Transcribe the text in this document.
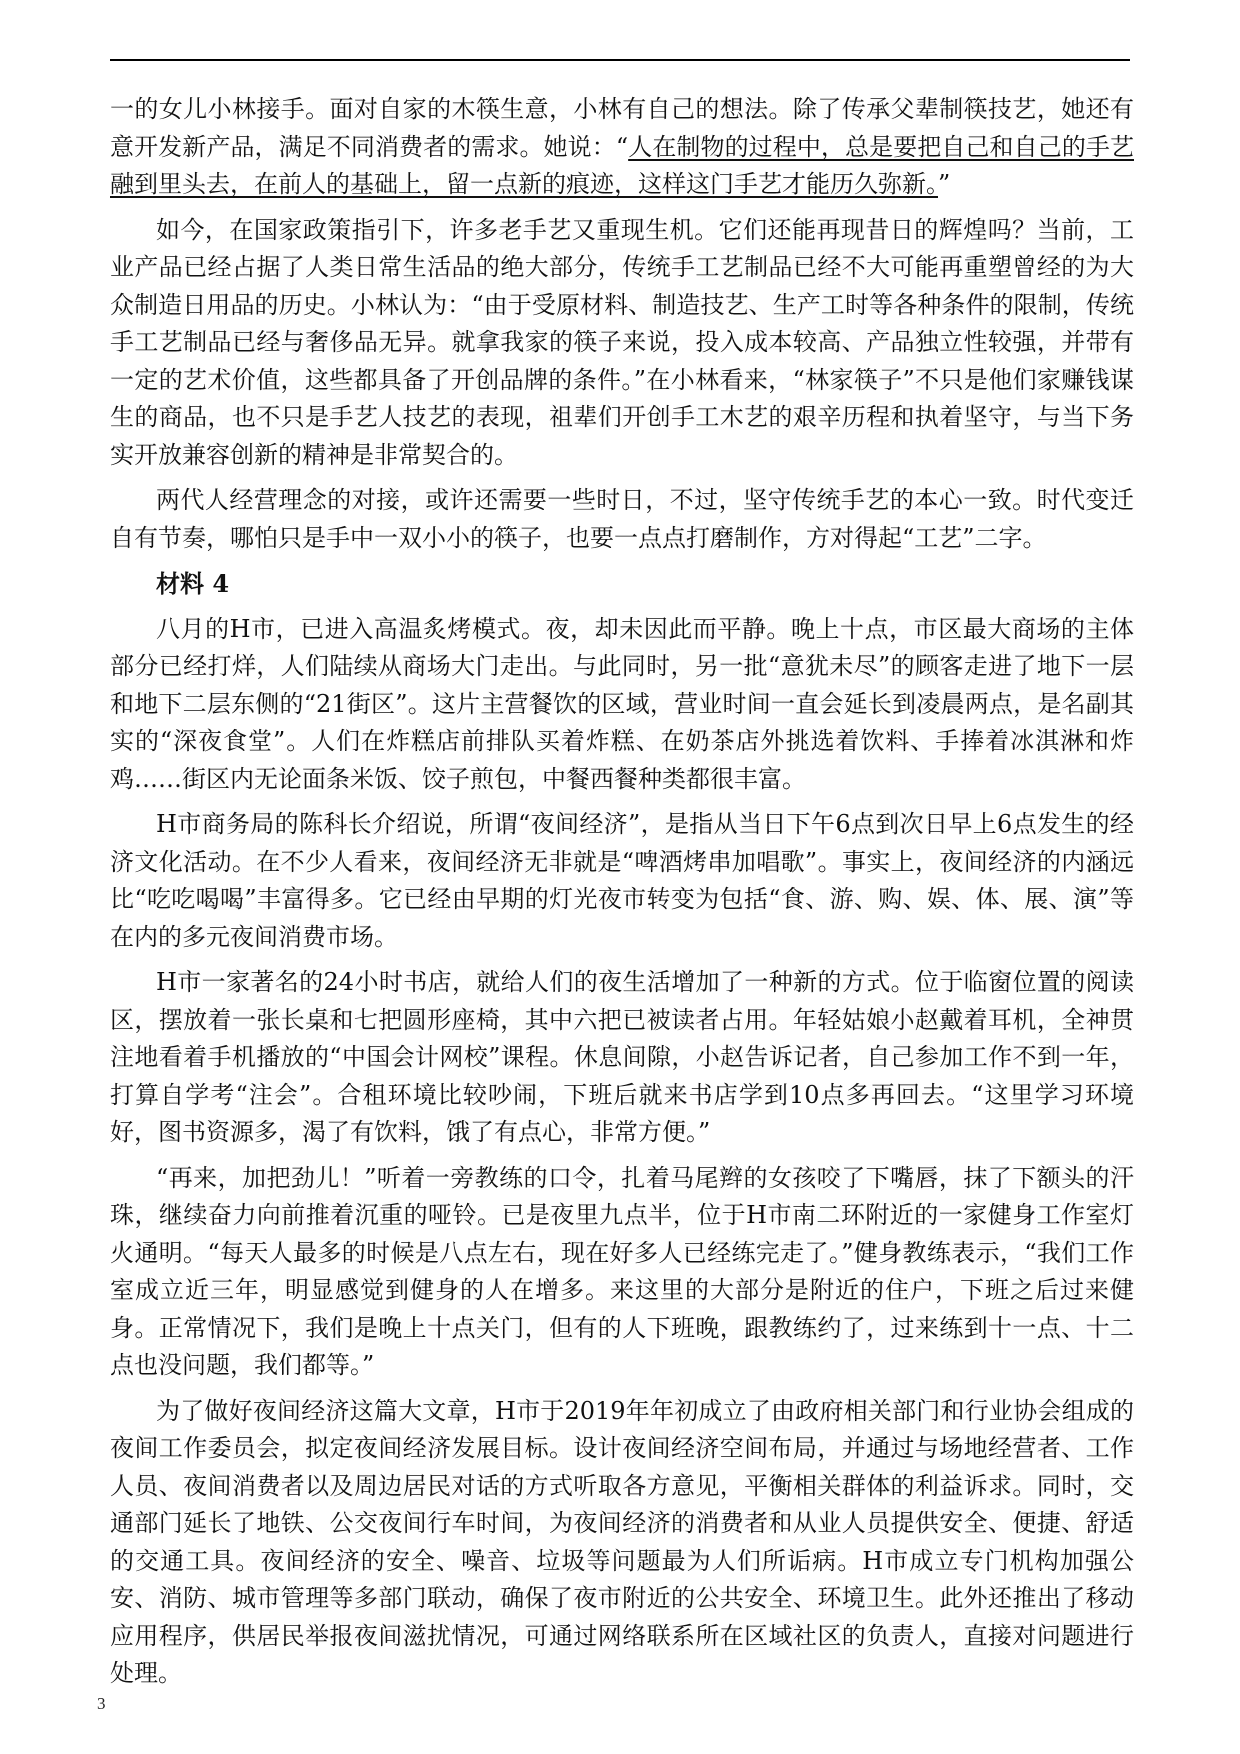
一的女儿小林接手。面对自家的木筷生意，小林有自己的想法。除了传承父辈制筷技艺，她还有意开发新产品，满足不同消费者的需求。她说：“人在制物的过程中，总是要把自己和自己的手艺融到里头去，在前人的基础上，留一点新的痕迹，这样这门手艺才能历久弥新。”

如今，在国家政策指引下，许多老手艺又重现生机。它们还能再现昔日的辉煌吗？当前，工业产品已经占据了人类日常生活品的绝大部分，传统手工艺制品已经不大可能再重塑曾经的为大众制造日用品的历史。小林认为：“由于受原材料、制造技艺、生产工时等各种条件的限制，传统手工艺制品已经与奢侈品无异。就拿我家的筷子来说，投入成本较高、产品独立性较强，并带有一定的艺术价值，这些都具备了开创品牌的条件。”在小林看来，“林家筷子”不只是他们家赚钱谋生的商品，也不只是手艺人技艺的表现，祖辈们开创手工木艺的艰辛历程和执着坚守，与当下务实开放兼容创新的精神是非常契合的。

两代人经营理念的对接，或许还需要一些时日，不过，坚守传统手艺的本心一致。时代变迁自有节奏，哪怕只是手中一双小小的筷子，也要一点点打磨制作，方对得起“工艺”二字。

材料 4

八月的H市，已进入高温炙烤模式。夜，却未因此而平静。晚上十点，市区最大商场的主体部分已经打烊，人们陆续从商场大门走出。与此同时，另一批“意犹未尽”的顾客走进了地下一层和地下二层东侧的“21街区”。这片主营餐饮的区域，营业时间一直会延长到凌晨两点，是名副其实的“深夜食堂”。人们在炸糕店前排队买着炸糕、在奶茶店外挑选着饮料、手捧着冰淇淋和炸鸡……街区内无论面条米饭、饺子煎包，中餐西餐种类都很丰富。

H市商务局的陈科长介绍说，所谓“夜间经济”，是指从当日下午6点到次日早上6点发生的经济文化活动。在不少人看来，夜间经济无非就是“啤酒烤串加唱歌”。事实上，夜间经济的内涵远比“吃吃喝喝”丰富得多。它已经由早期的灯光夜市转变为包括“食、游、购、娱、体、展、演”等在内的多元夜间消费市场。

H市一家著名的24小时书店，就给人们的夜生活增加了一种新的方式。位于临窗位置的阅读区，摆放着一张长桌和七把圆形座椅，其中六把已被读者占用。年轻姑娘小赵戴着耳机，全神贯注地看着手机播放的“中国会计网校”课程。休息间隙，小赵告诉记者，自己参加工作不到一年，打算自学考“注会”。合租环境比较吵闹，下班后就来书店学到10点多再回去。“这里学习环境好，图书资源多，渴了有饮料，饿了有点心，非常方便。”

“再来，加把劲儿！”听着一旁教练的口令，扎着马尾辫的女孩咬了下嘴唇，抹了下额头的汗珠，继续奋力向前推着沉重的哑铃。已是夜里九点半，位于H市南二环附近的一家健身工作室灯火通明。“每天人最多的时候是八点左右，现在好多人已经练完走了。”健身教练表示，“我们工作室成立近三年，明显感觉到健身的人在增多。来这里的大部分是附近的住户，下班之后过来健身。正常情况下，我们是晚上十点关门，但有的人下班晚，跟教练约了，过来练到十一点、十二点也没问题，我们都等。”

为了做好夜间经济这篇大文章，H市于2019年年初成立了由政府相关部门和行业协会组成的夜间工作委员会，拟定夜间经济发展目标。设计夜间经济空间布局，并通过与场地经营者、工作人员、夜间消费者以及周边居民对话的方式听取各方意见，平衡相关群体的利益诉求。同时，交通部门延长了地铁、公交夜间行车时间，为夜间经济的消费者和从业人员提供安全、便捷、舒适的交通工具。夜间经济的安全、噪音、垃圾等问题最为人们所诟病。H市成立专门机构加强公安、消防、城市管理等多部门联动，确保了夜市附近的公共安全、环境卫生。此外还推出了移动应用程序，供居民举报夜间滋扰情况，可通过网络联系所在区域社区的负责人，直接对问题进行处理。

3
